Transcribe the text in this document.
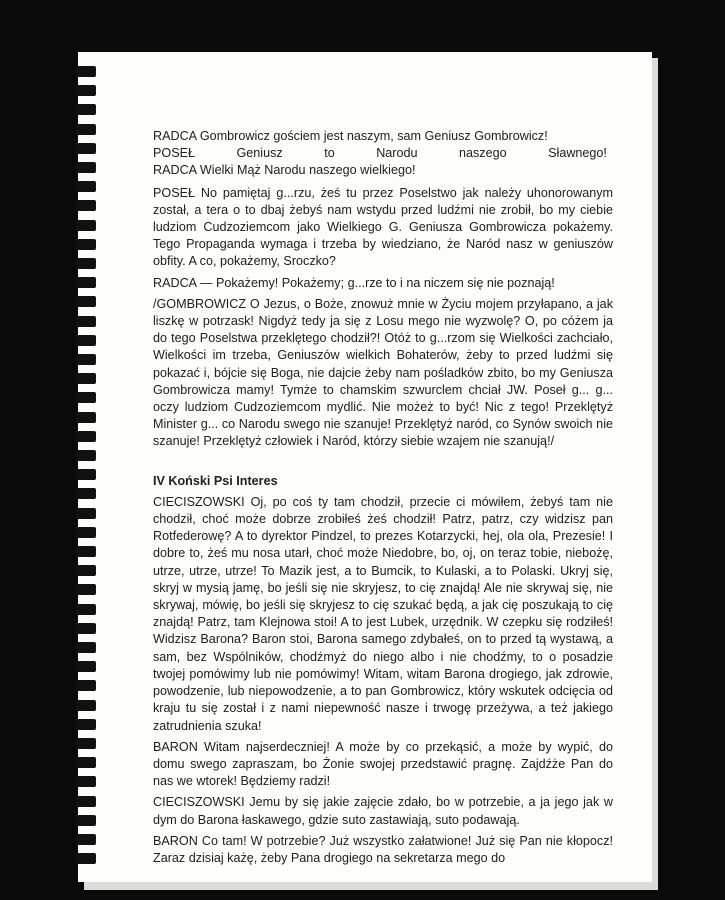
RADCA Gombrowicz gościem jest naszym, sam Geniusz Gombrowicz!

POSEŁ Geniusz to Narodu naszego Sławnego!

RADCA Wielki Mąż Narodu naszego wielkiego!

POSEŁ No pamiętaj g...rzu, żeś tu przez Poselstwo jak należy uhonorowanym został, a tera o to dbaj żebyś nam wstydu przed ludźmi nie zrobił, bo my ciebie ludziom Cudzoziemcom jako Wielkiego G. Geniusza Gombrowicza pokażemy. Tego Propaganda wymaga i trzeba by wiedziano, że Naród nasz w geniuszów obfity. A co, pokażemy, Sroczko?

RADCA — Pokażemy! Pokażemy; g...rze to i na niczem się nie poznają!

/GOMBROWICZ O Jezus, o Boże, znowuż mnie w Życiu mojem przyłapano, a jak liszkę w potrzask! Nigdyż tedy ja się z Losu mego nie wyzwolę? O, po cóżem ja do tego Poselstwa przeklętego chodził?! Otóż to g...rzom się Wielkości zachciało, Wielkości im trzeba, Geniuszów wielkich Bohaterów, żeby to przed ludźmi się pokazać i, bójcie się Boga, nie dajcie żeby nam pośladków zbito, bo my Geniusza Gombrowicza mamy! Tymże to chamskim szwurclem chciał JW. Poseł g... g... oczy ludziom Cudzoziemcom mydlić. Nie możeż to być! Nic z tego! Przeklętyż Minister g... co Narodu swego nie szanuje! Przeklętyż naród, co Synów swoich nie szanuje! Przeklętyż człowiek i Naród, którzy siebie wzajem nie szanują!/

IV Koński Psi Interes

CIECISZOWSKI Oj, po coś ty tam chodził, przecie ci mówiłem, żebyś tam nie chodził, choć może dobrze zrobiłeś żeś chodził! Patrz, patrz, czy widzisz pan Rotfederowę? A to dyrektor Pindzel, to prezes Kotarzycki, hej, ola ola, Prezesie! I dobre to, żeś mu nosa utarł, choć może Niedobre, bo, oj, on teraz tobie, niebożę, utrze, utrze, utrze! To Mazik jest, a to Bumcik, to Kulaski, a to Polaski. Ukryj się, skryj w mysią jamę, bo jeśli się nie skryjesz, to cię znajdą! Ale nie skrywaj się, nie skrywaj, mówię, bo jeśli się skryjesz to cię szukać będą, a jak cię poszukają to cię znajdą! Patrz, tam Klejnowa stoi! A to jest Lubek, urzędnik. W czepku się rodziłeś! Widzisz Barona? Baron stoi, Barona samego zdybałeś, on to przed tą wystawą, a sam, bez Wspólników, chodźmyż do niego albo i nie chodźmy, to o posadzie twojej pomówimy lub nie pomówimy! Witam, witam Barona drogiego, jak zdrowie, powodzenie, lub niepowodzenie, a to pan Gombrowicz, który wskutek odcięcia od kraju tu się został i z nami niepewność nasze i trwogę przeżywa, a też jakiego zatrudnienia szuka!

BARON Witam najserdeczniej! A może by co przekąsić, a może by wypić, do domu swego zapraszam, bo Żonie swojej przedstawić pragnę. Zajdźże Pan do nas we wtorek! Będziemy radzi!

CIECISZOWSKI Jemu by się jakie zajęcie zdało, bo w potrzebie, a ja jego jak w dym do Barona łaskawego, gdzie suto zastawiają, suto podawają.

BARON Co tam! W potrzebie? Już wszystko załatwione! Już się Pan nie kłopocz! Zaraz dzisiaj każę, żeby Pana drogiego na sekretarza mego do
